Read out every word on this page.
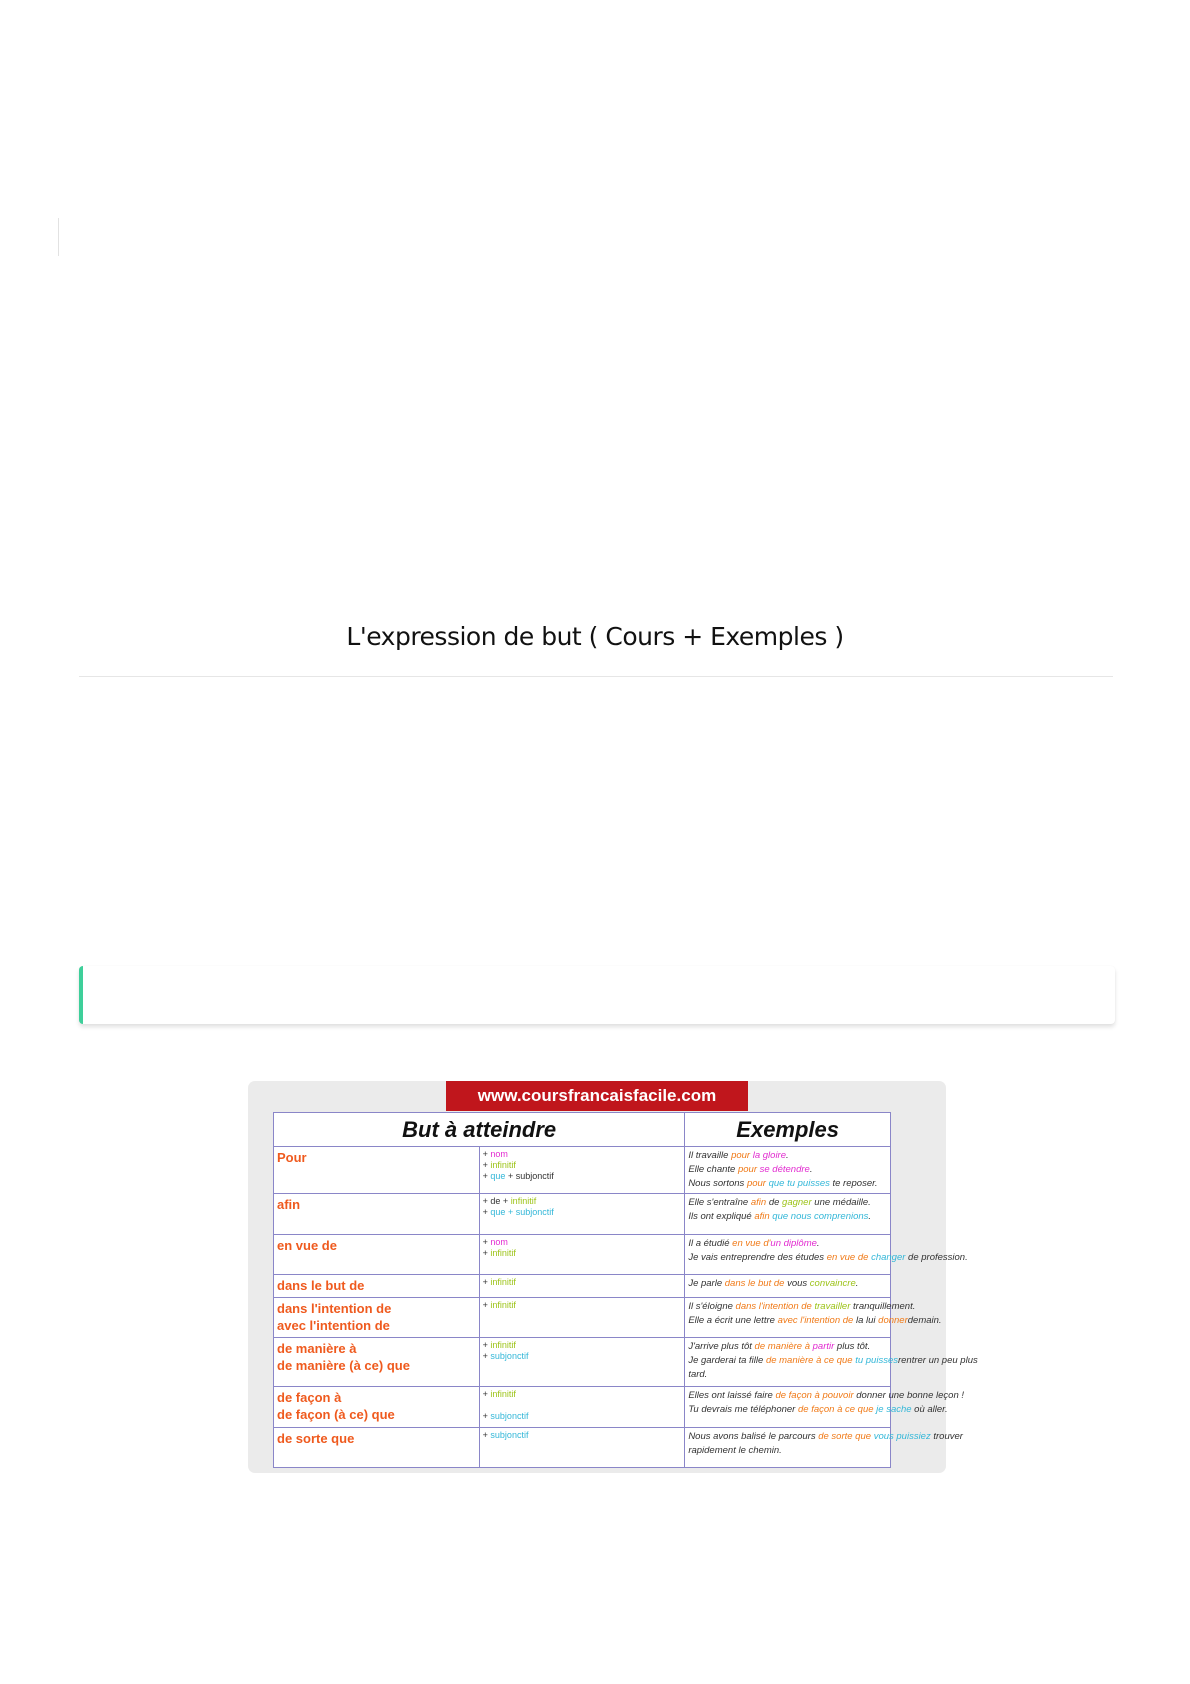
L'expression de but ( Cours + Exemples )
www.coursfrancaisfacile.com
But à atteindre		Exemples

Pour	+ nom
+ infinitif
+ que + subjonctif	Il travaille pour la gloire.
Elle chante pour se détendre.
Nous sortons pour que tu puisses te reposer.

afin	+ de + infinitif
+ que + subjonctif	Elle s'entraîne afin de gagner une médaille.
Ils ont expliqué afin que nous comprenions.

en vue de	+ nom
+ infinitif	Il a étudié en vue d'un diplôme.
Je vais entreprendre des études en vue de changer de profession.

dans le but de	+ infinitif	Je parle dans le but de vous convaincre.

dans l'intention de
avec l'intention de	+ infinitif	Il s'éloigne dans l'intention de travailler tranquillement.
Elle a écrit une lettre avec l'intention de la lui donnerdemain.

de manière à
de manière (à ce) que	+ infinitif
+ subjonctif	J'arrive plus tôt de manière à partir plus tôt.
Je garderai ta fille de manière à ce que tu puissesrentrer un peu plus
tard.

de façon à
de façon (à ce) que	+ infinitif

+ subjonctif	Elles ont laissé faire de façon à pouvoir donner une bonne leçon !
Tu devrais me téléphoner de façon à ce que je sache où aller.

de sorte que	+ subjonctif	Nous avons balisé le parcours de sorte que vous puissiez trouver
rapidement le chemin.
